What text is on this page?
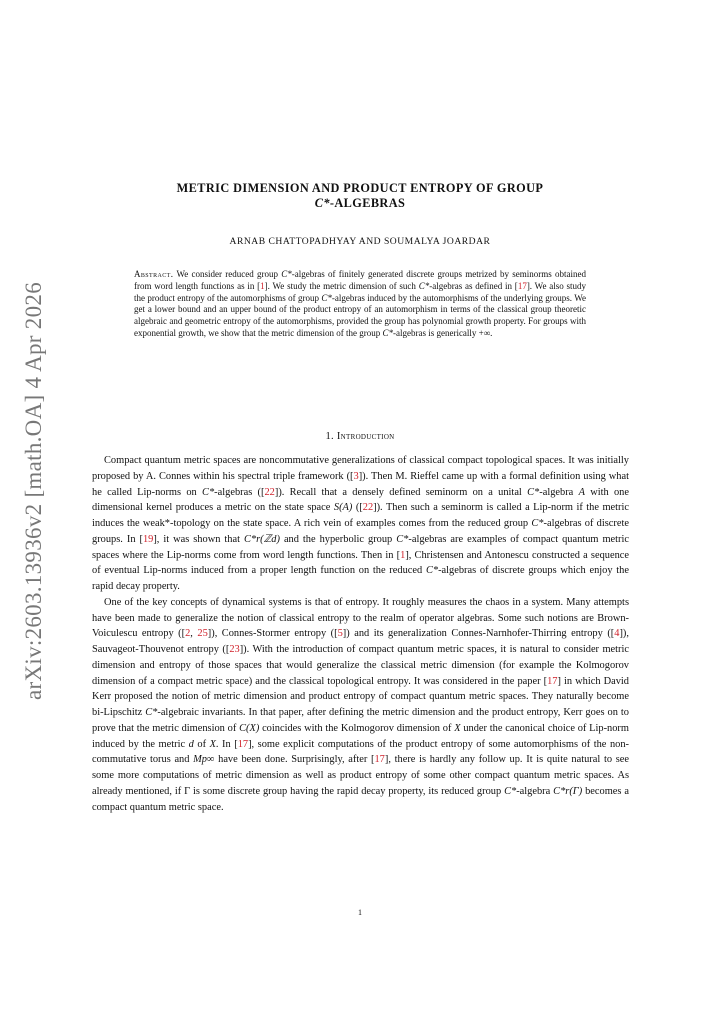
arXiv:2603.13936v2 [math.OA] 4 Apr 2026
METRIC DIMENSION AND PRODUCT ENTROPY OF GROUP
C*-ALGEBRAS
ARNAB CHATTOPADHYAY AND SOUMALYA JOARDAR
Abstract. We consider reduced group C*-algebras of finitely generated discrete groups metrized by seminorms obtained from word length functions as in [1]. We study the metric dimension of such C*-algebras as defined in [17]. We also study the product entropy of the automorphisms of group C*-algebras induced by the automorphisms of the underlying groups. We get a lower bound and an upper bound of the product entropy of an automorphism in terms of the classical group theoretic algebraic and geometric entropy of the automorphisms, provided the group has polynomial growth property. For groups with exponential growth, we show that the metric dimension of the group C*-algebras is generically +∞.
1. Introduction

Compact quantum metric spaces are noncommutative generalizations of classical compact topological spaces. It was initially proposed by A. Connes within his spectral triple framework ([3]). Then M. Rieffel came up with a formal definition using what he called Lip-norms on C*-algebras ([22]). Recall that a densely defined seminorm on a unital C*-algebra A with one dimensional kernel produces a metric on the state space S(A) ([22]). Then such a seminorm is called a Lip-norm if the metric induces the weak*-topology on the state space. A rich vein of examples comes from the reduced group C*-algebras of discrete groups. In [19], it was shown that C*r(ℤd) and the hyperbolic group C*-algebras are examples of compact quantum metric spaces where the Lip-norms come from word length functions. Then in [1], Christensen and Antonescu constructed a sequence of eventual Lip-norms induced from a proper length function on the reduced C*-algebras of discrete groups which enjoy the rapid decay property.

One of the key concepts of dynamical systems is that of entropy. It roughly measures the chaos in a system. Many attempts have been made to generalize the notion of classical entropy to the realm of operator algebras. Some such notions are Brown-Voiculescu entropy ([2, 25]), Connes-Stormer entropy ([5]) and its generalization Connes-Narnhofer-Thirring entropy ([4]), Sauvageot-Thouvenot entropy ([23]). With the introduction of compact quantum metric spaces, it is natural to consider metric dimension and entropy of those spaces that would generalize the classical metric dimension (for example the Kolmogorov dimension of a compact metric space) and the classical topological entropy. It was considered in the paper [17] in which David Kerr proposed the notion of metric dimension and product entropy of compact quantum metric spaces. They naturally become bi-Lipschitz C*-algebraic invariants. In that paper, after defining the metric dimension and the product entropy, Kerr goes on to prove that the metric dimension of C(X) coincides with the Kolmogorov dimension of X under the canonical choice of Lip-norm induced by the metric d of X. In [17], some explicit computations of the product entropy of some automorphisms of the non-commutative torus and Mp∞ have been done. Surprisingly, after [17], there is hardly any follow up. It is quite natural to see some more computations of metric dimension as well as product entropy of some other compact quantum metric spaces. As already mentioned, if Γ is some discrete group having the rapid decay property, its reduced group C*-algebra C*r(Γ) becomes a compact quantum metric space.

1
